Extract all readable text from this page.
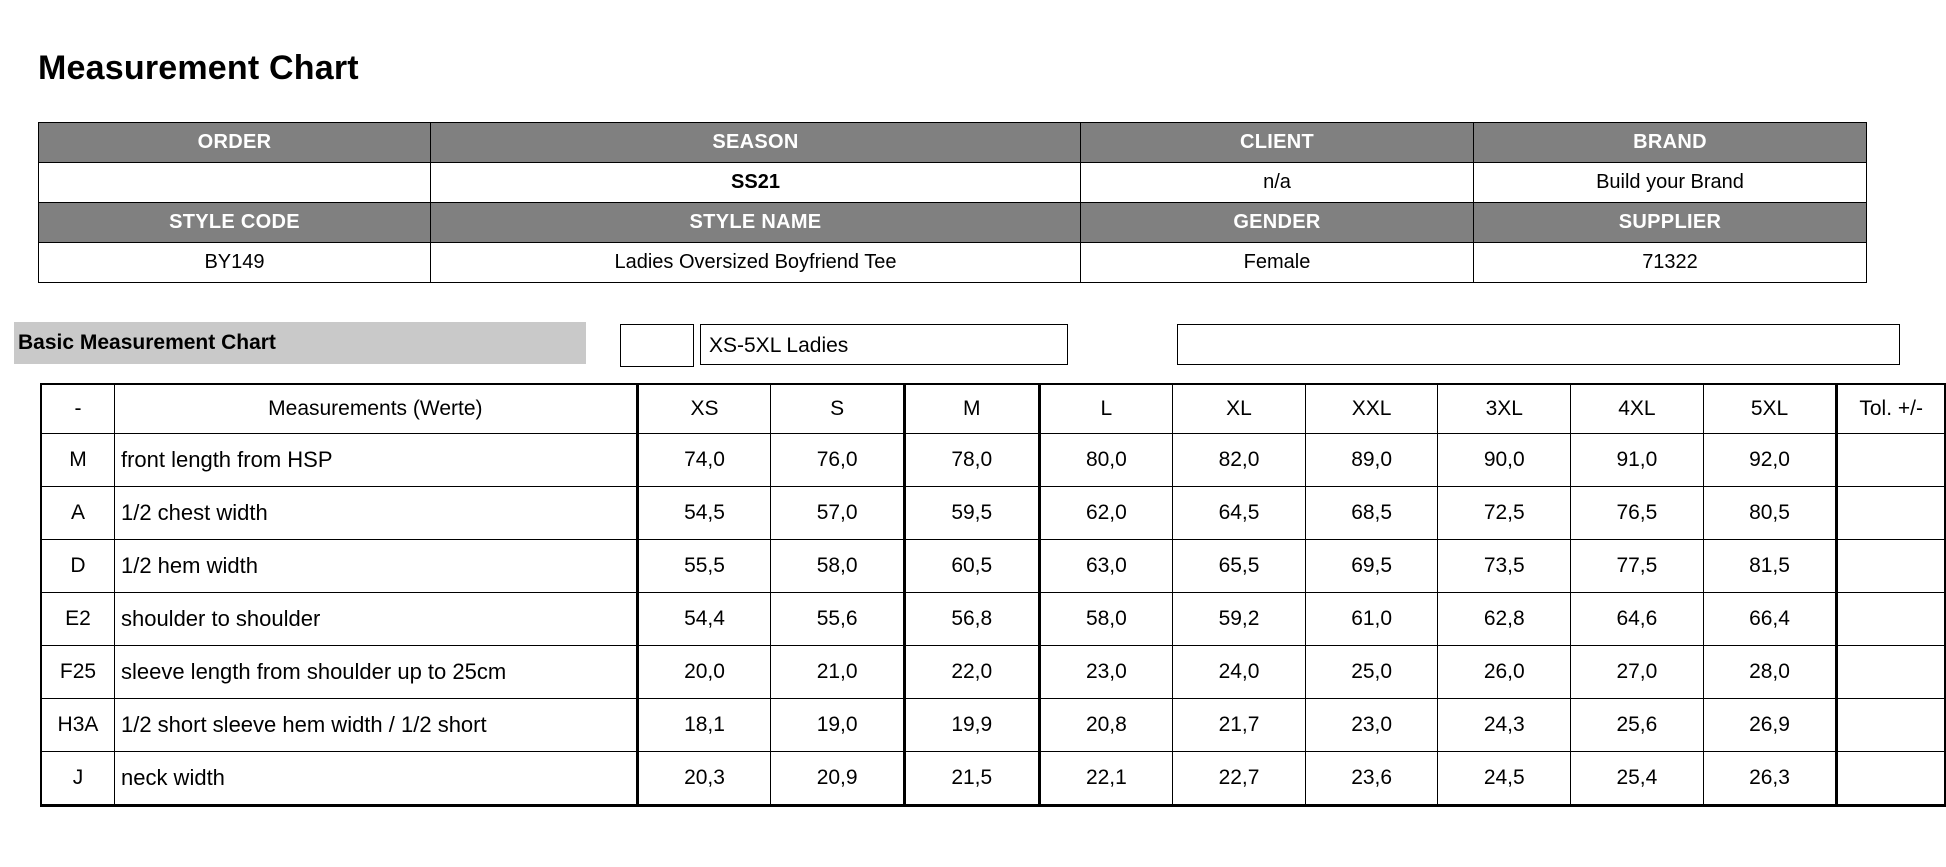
Measurement Chart
ORDER	SEASON	CLIENT	BRAND
	SS21	n/a	Build your Brand
STYLE CODE	STYLE NAME	GENDER	SUPPLIER
BY149	Ladies Oversized Boyfriend Tee	Female	71322
Basic Measurement Chart	XS-5XL Ladies
-	Measurements (Werte)	XS	S	M	L	XL	XXL	3XL	4XL	5XL	Tol. +/-
M	front length from HSP	74,0	76,0	78,0	80,0	82,0	89,0	90,0	91,0	92,0	
A	1/2 chest width	54,5	57,0	59,5	62,0	64,5	68,5	72,5	76,5	80,5	
D	1/2 hem width	55,5	58,0	60,5	63,0	65,5	69,5	73,5	77,5	81,5	
E2	shoulder to shoulder	54,4	55,6	56,8	58,0	59,2	61,0	62,8	64,6	66,4	
F25	sleeve length from shoulder up to 25cm	20,0	21,0	22,0	23,0	24,0	25,0	26,0	27,0	28,0	
H3A	1/2 short sleeve hem width / 1/2 short	18,1	19,0	19,9	20,8	21,7	23,0	24,3	25,6	26,9	
J	neck width	20,3	20,9	21,5	22,1	22,7	23,6	24,5	25,4	26,3	
